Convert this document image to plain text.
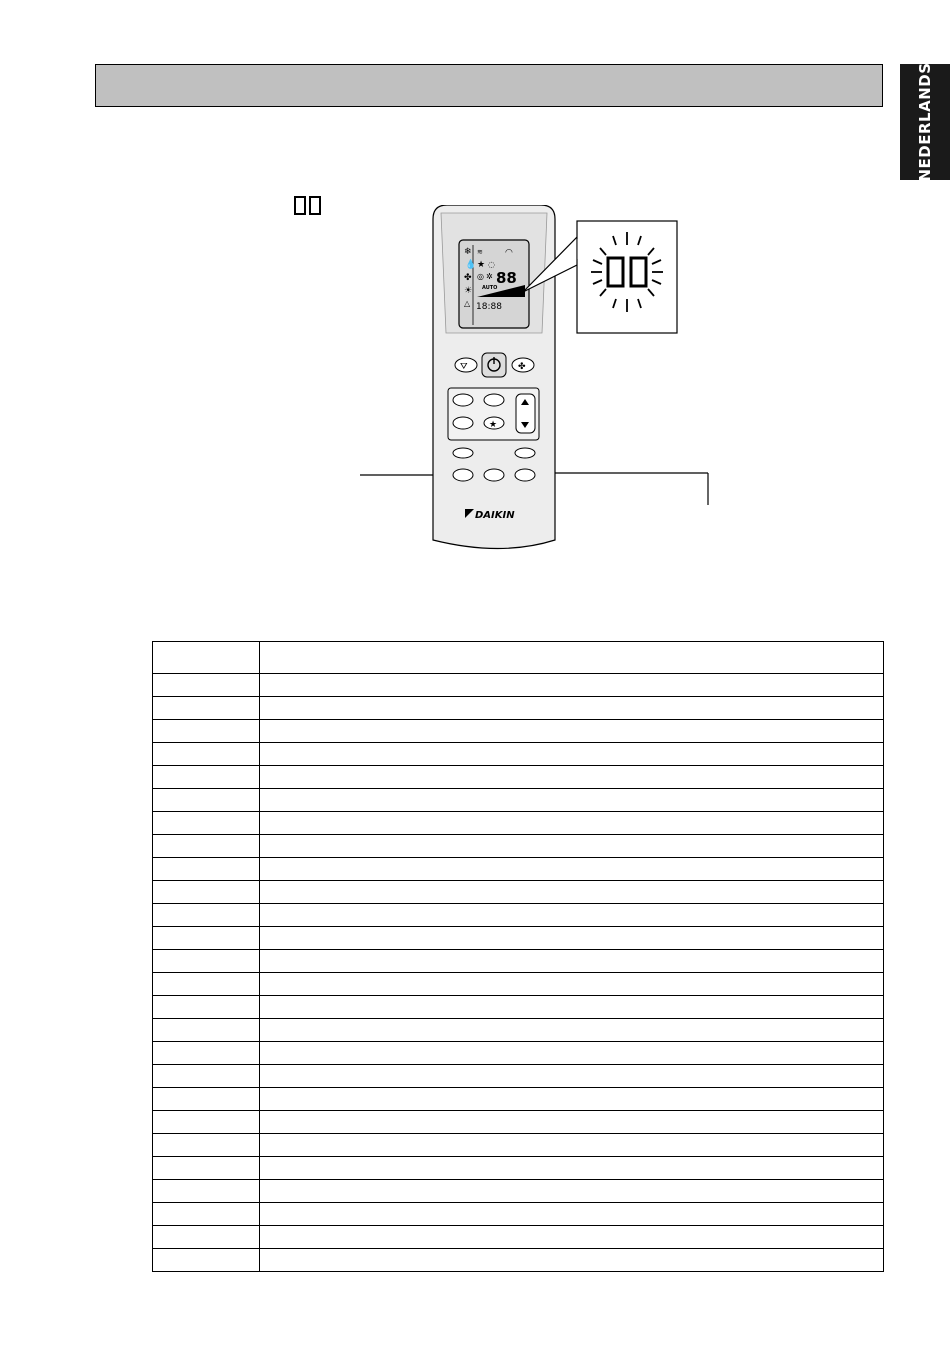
NEDERLANDS
❄
💧
✤
☀
△
★ ◌
◎ ✲ 88
AUTO
18:88
◠
≋
⛛	✤
★
DAIKIN
